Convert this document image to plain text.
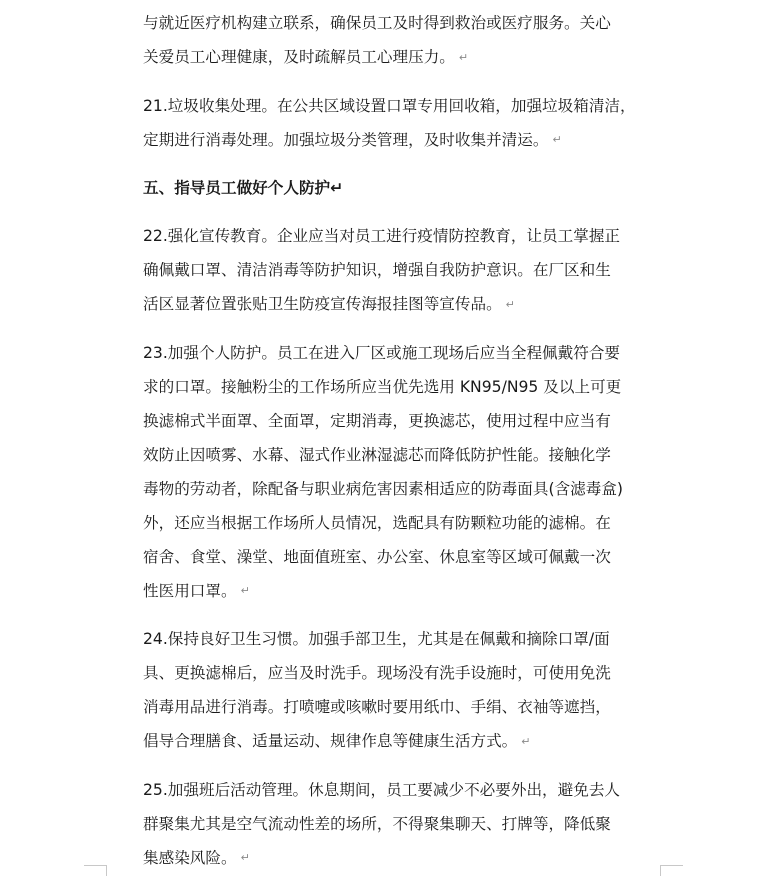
与就近医疗机构建立联系，确保员工及时得到救治或医疗服务。关心
关爱员工心理健康，及时疏解员工心理压力。 ↵
21.垃圾收集处理。在公共区域设置口罩专用回收箱，加强垃圾箱清洁，
定期进行消毒处理。加强垃圾分类管理，及时收集并清运。 ↵
五、指导员工做好个人防护↵
22.强化宣传教育。企业应当对员工进行疫情防控教育，让员工掌握正
确佩戴口罩、清洁消毒等防护知识，增强自我防护意识。在厂区和生
活区显著位置张贴卫生防疫宣传海报挂图等宣传品。 ↵
23.加强个人防护。员工在进入厂区或施工现场后应当全程佩戴符合要
求的口罩。接触粉尘的工作场所应当优先选用 KN95/N95 及以上可更
换滤棉式半面罩、全面罩，定期消毒，更换滤芯，使用过程中应当有
效防止因喷雾、水幕、湿式作业淋湿滤芯而降低防护性能。接触化学
毒物的劳动者，除配备与职业病危害因素相适应的防毒面具(含滤毒盒)
外，还应当根据工作场所人员情况，选配具有防颗粒功能的滤棉。在
宿舍、食堂、澡堂、地面值班室、办公室、休息室等区域可佩戴一次
性医用口罩。 ↵
24.保持良好卫生习惯。加强手部卫生，尤其是在佩戴和摘除口罩/面
具、更换滤棉后，应当及时洗手。现场没有洗手设施时，可使用免洗
消毒用品进行消毒。打喷嚏或咳嗽时要用纸巾、手绢、衣袖等遮挡，
倡导合理膳食、适量运动、规律作息等健康生活方式。 ↵
25.加强班后活动管理。休息期间，员工要减少不必要外出，避免去人
群聚集尤其是空气流动性差的场所，不得聚集聊天、打牌等，降低聚
集感染风险。 ↵
